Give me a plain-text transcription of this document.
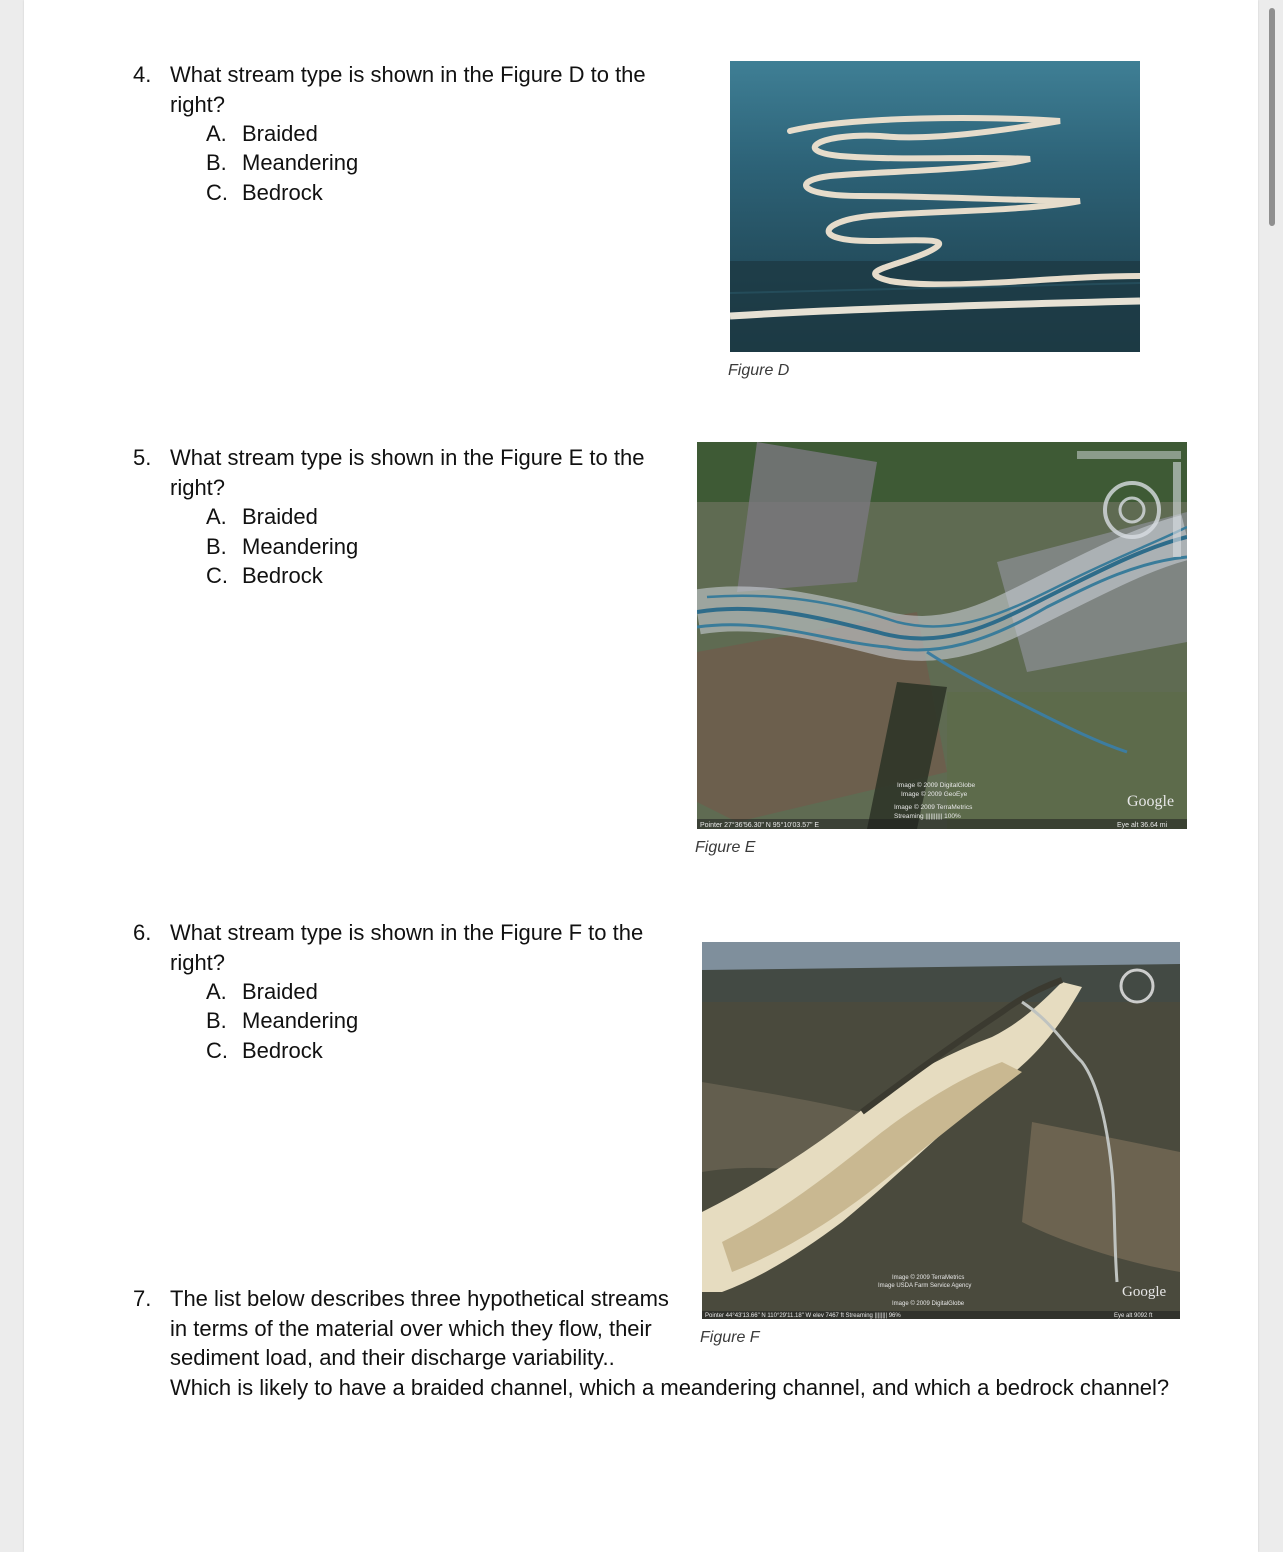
4. What stream type is shown in the Figure D to the right?
A. Braided
B. Meandering
C. Bedrock
Figure D
5. What stream type is shown in the Figure E to the right?
A. Braided
B. Meandering
C. Bedrock
Pointer 27°36'56.30" N 95°10'03.57" E	Eye alt 36.64 mi
Image © 2009 DigitalGlobe
Image © 2009 GeoEye
Image © 2009 TerraMetrics
Streaming |||||||||| 100%
Google
Figure E
6. What stream type is shown in the Figure F to the right?
A. Braided
B. Meandering
C. Bedrock
Pointer 44°43'13.66" N 110°29'11.18" W elev 7467 ft Streaming |||||||| 96%	Eye alt 9092 ft
Image © 2009 TerraMetrics
Image USDA Farm Service Agency
Image © 2009 DigitalGlobe
Google
Figure F
7. The list below describes three hypothetical streams
in terms of the material over which they flow, their
sediment load, and their discharge variability..
Which is likely to have a braided channel, which a meandering channel, and which a bedrock channel?
